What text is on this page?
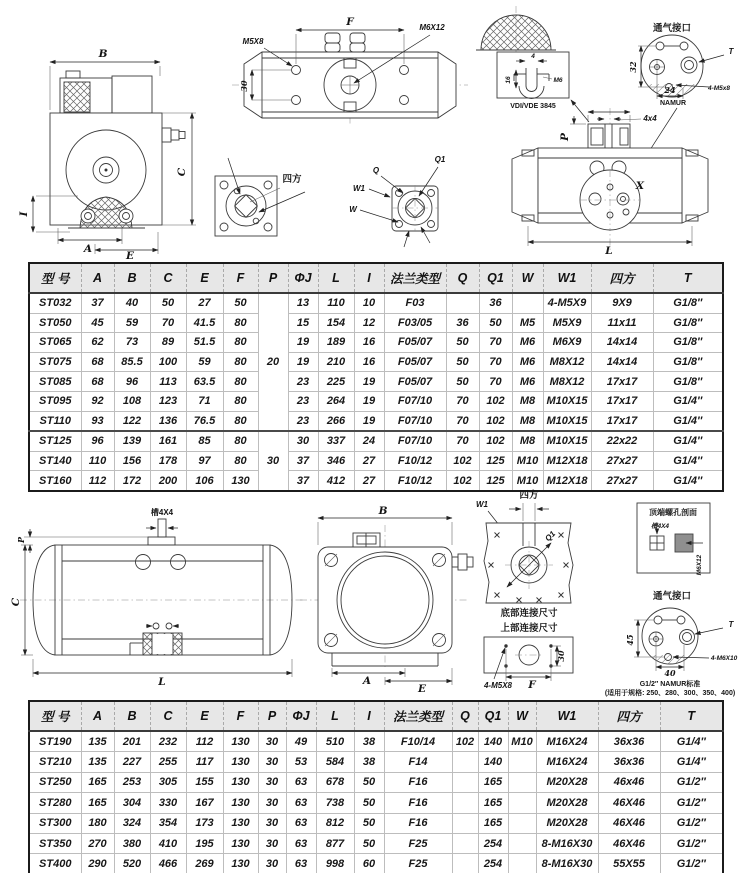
B
C
I
A
E
F
M5X8
M6X12
30
四方
Q
Q1
W1
W
4
M6
16
VDI/VDE 3845
通气接口
32
24
T
4-M5x8
NAMUR
4x4
P
X
L
型 号	A	B	C	E	F	P	ΦJ	L	I	法兰类型	Q	Q1	W	W1	四方	T
ST032	37	40	50	27	50	20	13	110	10	F03		36		4-M5X9	9X9	G1/8″
ST050	45	59	70	41.5	80		15	154	12	F03/05	36	50	M5	M5X9	11x11	G1/8″
ST065	62	73	89	51.5	80		19	189	16	F05/07	50	70	M6	M6X9	14x14	G1/8″
ST075	68	85.5	100	59	80		19	210	16	F05/07	50	70	M6	M8X12	14x14	G1/8″
ST085	68	96	113	63.5	80		23	225	19	F05/07	50	70	M6	M8X12	17x17	G1/8″
ST095	92	108	123	71	80		23	264	19	F07/10	70	102	M8	M10X15	17x17	G1/4″
ST110	93	122	136	76.5	80		23	266	19	F07/10	70	102	M8	M10X15	17x17	G1/4″
ST125	96	139	161	85	80	30	30	337	24	F07/10	70	102	M8	M10X15	22x22	G1/4″
ST140	110	156	178	97	80		37	346	27	F10/12	102	125	M10	M12X18	27x27	G1/4″
ST160	112	172	200	106	130		37	412	27	F10/12	102	125	M10	M12X18	27x27	G1/4″
槽4X4
P
C
L
B
A
E
四方
W1
Q1
底部连接尺寸
上部连接尺寸
4-M5X8 F
30
顶端螺孔剖面
槽4X4
M6X12
通气接口
45
T
4-M6X10
40
G1/2″ NAMUR标准
(适用于规格: 250、280、300、350、400)
型 号	A	B	C	E	F	P	ΦJ	L	I	法兰类型	Q	Q1	W	W1	四方	T
ST190	135	201	232	112	130	30	49	510	38	F10/14	102	140	M10	M16X24	36x36	G1/4″
ST210	135	227	255	117	130	30	53	584	38	F14		140		M16X24	36x36	G1/4″
ST250	165	253	305	155	130	30	63	678	50	F16		165		M20X28	46x46	G1/2″
ST280	165	304	330	167	130	30	63	738	50	F16		165		M20X28	46X46	G1/2″
ST300	180	324	354	173	130	30	63	812	50	F16		165		M20X28	46X46	G1/2″
ST350	270	380	410	195	130	30	63	877	50	F25		254		8-M16X30	46X46	G1/2″
ST400	290	520	466	269	130	30	63	998	60	F25		254		8-M16X30	55X55	G1/2″
